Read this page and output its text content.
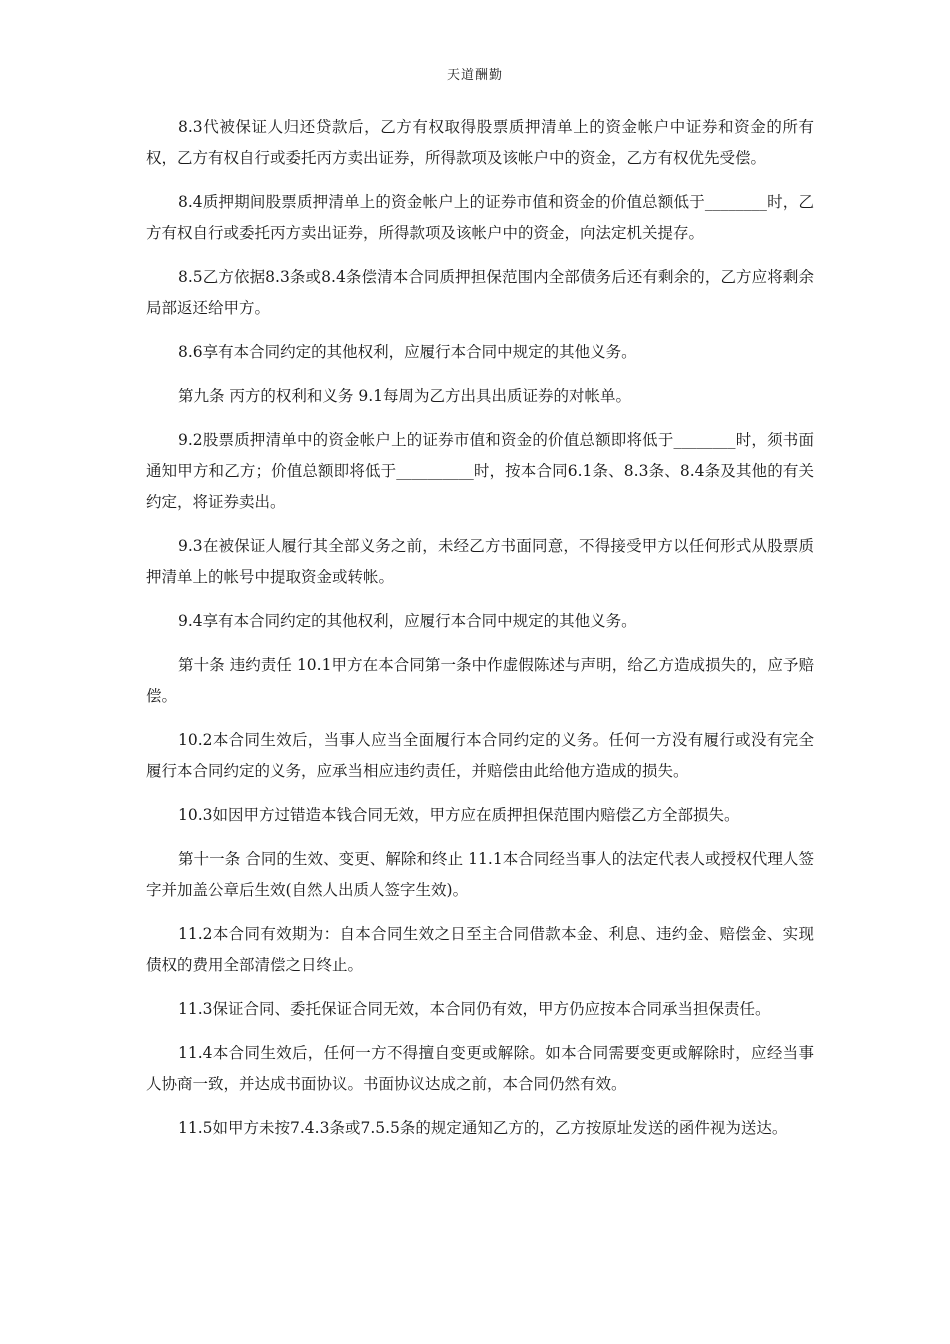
天道酬勤

8.3代被保证人归还贷款后，乙方有权取得股票质押清单上的资金帐户中证券和资金的所有权，乙方有权自行或委托丙方卖出证券，所得款项及该帐户中的资金，乙方有权优先受偿。

8.4质押期间股票质押清单上的资金帐户上的证券市值和资金的价值总额低于________时，乙方有权自行或委托丙方卖出证券，所得款项及该帐户中的资金，向法定机关提存。

8.5乙方依据8.3条或8.4条偿清本合同质押担保范围内全部债务后还有剩余的，乙方应将剩余局部返还给甲方。

8.6享有本合同约定的其他权利，应履行本合同中规定的其他义务。

第九条 丙方的权利和义务 9.1每周为乙方出具出质证券的对帐单。

9.2股票质押清单中的资金帐户上的证券市值和资金的价值总额即将低于________时，须书面通知甲方和乙方；价值总额即将低于__________时，按本合同6.1条、8.3条、8.4条及其他的有关约定，将证券卖出。

9.3在被保证人履行其全部义务之前，未经乙方书面同意，不得接受甲方以任何形式从股票质押清单上的帐号中提取资金或转帐。

9.4享有本合同约定的其他权利，应履行本合同中规定的其他义务。

第十条 违约责任 10.1甲方在本合同第一条中作虚假陈述与声明，给乙方造成损失的，应予赔偿。

10.2本合同生效后，当事人应当全面履行本合同约定的义务。任何一方没有履行或没有完全履行本合同约定的义务，应承当相应违约责任，并赔偿由此给他方造成的损失。

10.3如因甲方过错造本钱合同无效，甲方应在质押担保范围内赔偿乙方全部损失。

第十一条 合同的生效、变更、解除和终止 11.1本合同经当事人的法定代表人或授权代理人签字并加盖公章后生效(自然人出质人签字生效)。

11.2本合同有效期为：自本合同生效之日至主合同借款本金、利息、违约金、赔偿金、实现债权的费用全部清偿之日终止。

11.3保证合同、委托保证合同无效，本合同仍有效，甲方仍应按本合同承当担保责任。

11.4本合同生效后，任何一方不得擅自变更或解除。如本合同需要变更或解除时，应经当事人协商一致，并达成书面协议。书面协议达成之前，本合同仍然有效。

11.5如甲方未按7.4.3条或7.5.5条的规定通知乙方的，乙方按原址发送的函件视为送达。
